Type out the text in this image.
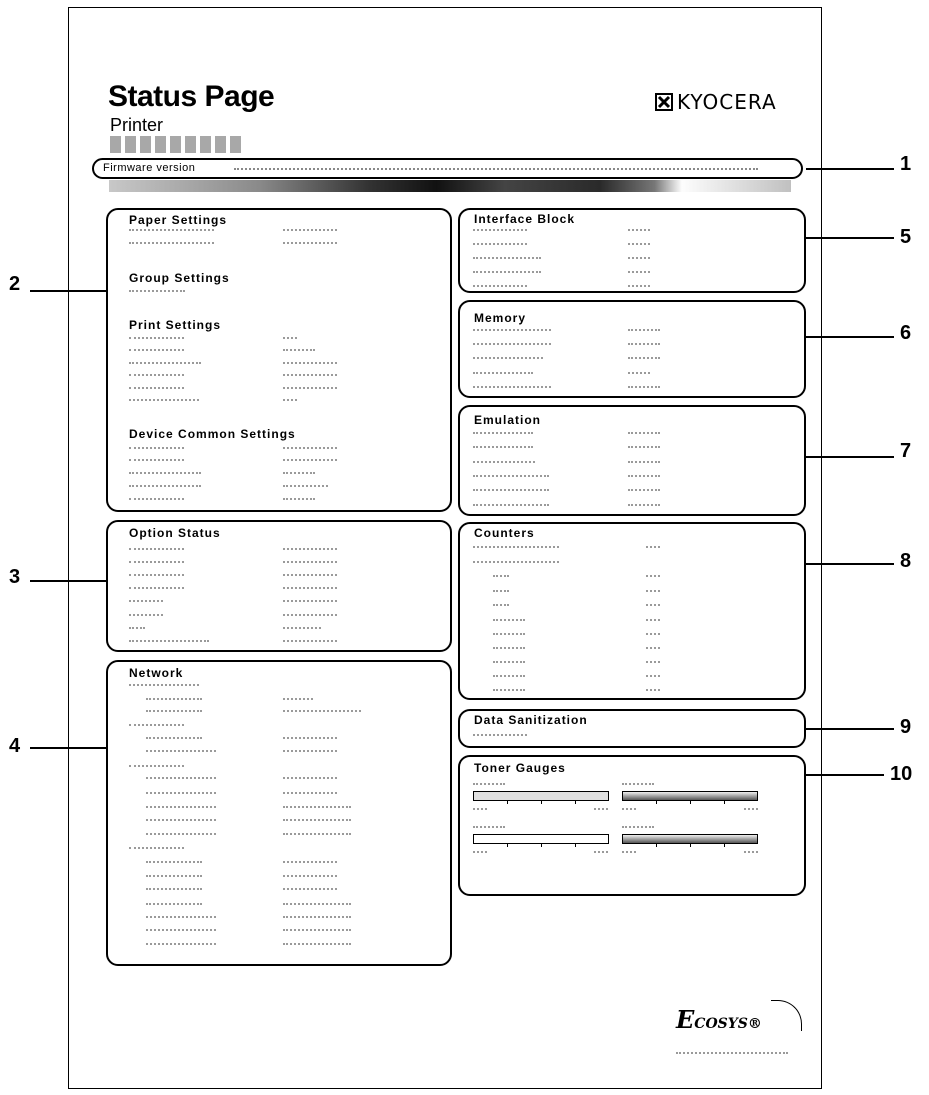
Status Page
Printer
KYOCERA
Firmware version
Paper Settings
Group Settings
Print Settings
Device Common Settings
Option Status
Network
Interface Block
Memory
Emulation
Counters
Data Sanitization
Toner Gauges
1
2
3
4
5
6
7
8
9
10
ECOSYS®
